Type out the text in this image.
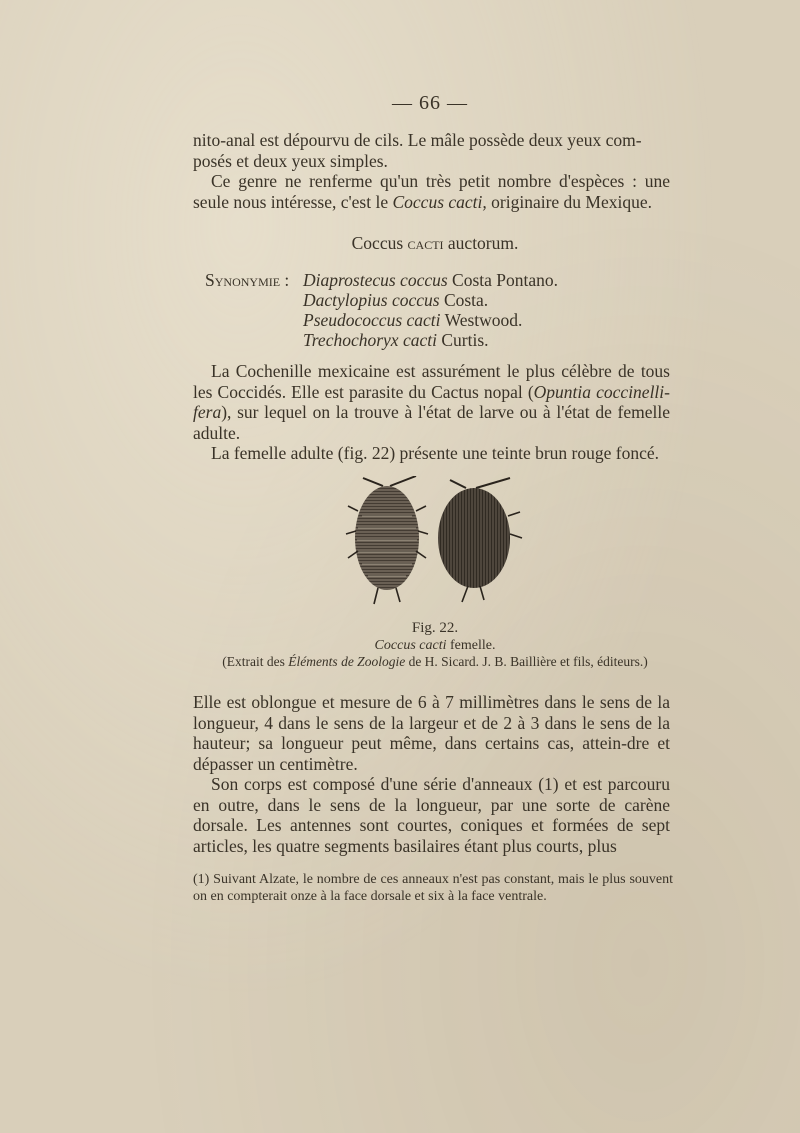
— 66 —

nito-anal est dépourvu de cils. Le mâle possède deux yeux com-
posés et deux yeux simples.

Ce genre ne renferme qu'un très petit nombre d'espèces : une seule nous intéresse, c'est le Coccus cacti, originaire du Mexique.

Coccus cacti auctorum.
Synonymie : Diaprostecus coccus Costa Pontano.
Dactylopius coccus Costa.
Pseudococcus cacti Westwood.
Trechochoryx cacti Curtis.

La Cochenille mexicaine est assurément le plus célèbre de tous les Coccidés. Elle est parasite du Cactus nopal (Opuntia coccinelli-fera), sur lequel on la trouve à l'état de larve ou à l'état de femelle adulte.

La femelle adulte (fig. 22) présente une teinte brun rouge foncé.

Fig. 22.
Coccus cacti femelle.
(Extrait des Éléments de Zoologie de H. Sicard. J. B. Baillière et fils, éditeurs.)

Elle est oblongue et mesure de 6 à 7 millimètres dans le sens de la longueur, 4 dans le sens de la largeur et de 2 à 3 dans le sens de la hauteur; sa longueur peut même, dans certains cas, attein-dre et dépasser un centimètre.

Son corps est composé d'une série d'anneaux (1) et est parcouru en outre, dans le sens de la longueur, par une sorte de carène dorsale. Les antennes sont courtes, coniques et formées de sept articles, les quatre segments basilaires étant plus courts, plus

(1) Suivant Alzate, le nombre de ces anneaux n'est pas constant, mais le plus souvent on en compterait onze à la face dorsale et six à la face ventrale.
